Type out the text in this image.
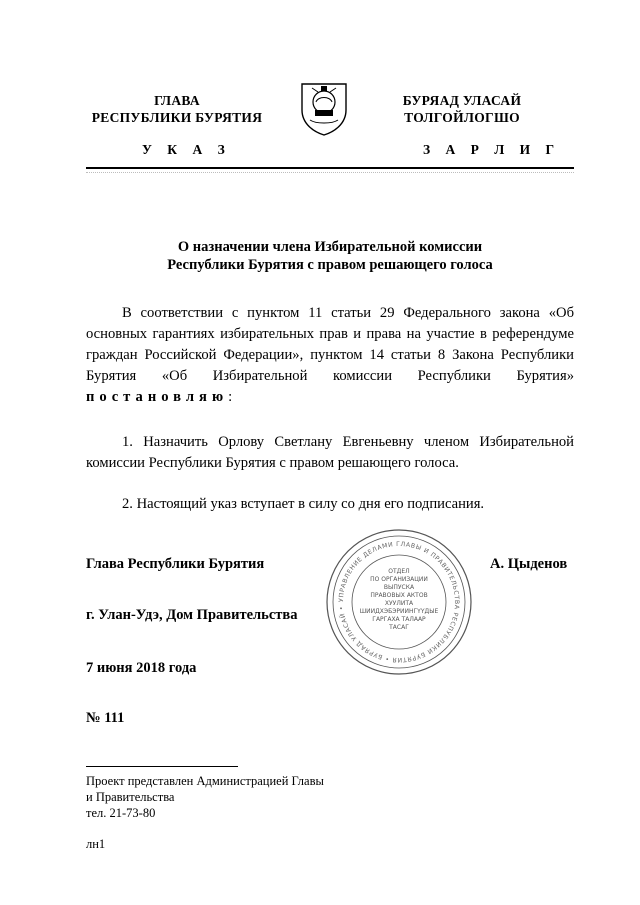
ГЛАВА
РЕСПУБЛИКИ БУРЯТИЯ
БУРЯАД УЛАСАЙ
ТОЛГОЙЛОГШО
У К А З	З А Р Л И Г
О назначении члена Избирательной комиссии
Республики Бурятия с правом решающего голоса
В соответствии с пунктом 11 статьи 29 Федерального закона «Об основных гарантиях избирательных прав и права на участие в референдуме граждан Российской Федерации», пунктом 14 статьи 8 Закона Республики Бурятия «Об Избирательной комиссии Республики Бурятия» постановляю:
1. Назначить Орлову Светлану Евгеньевну членом Избирательной комиссии Республики Бурятия с правом решающего голоса.
2. Настоящий указ вступает в силу со дня его подписания.
Глава Республики Бурятия	А. Цыденов
г. Улан-Удэ, Дом Правительства
7 июня 2018 года
№ 111
УПРАВЛЕНИЕ ДЕЛАМИ ГЛАВЫ И ПРАВИТЕЛЬСТВА РЕСПУБЛИКИ БУРЯТИЯ • БУРЯАД УЛАСАЙ •
ОТДЕЛ
ПО ОРГАНИЗАЦИИ
ВЫПУСКА
ПРАВОВЫХ АКТОВ
ХУУЛИТА
ШИИДХЭБЭРИИНГҮҮДЫЕ
ГАРГАХА ТАЛААР
ТАСАГ
Проект представлен Администрацией Главы
и Правительства
тел. 21-73-80
лн1
